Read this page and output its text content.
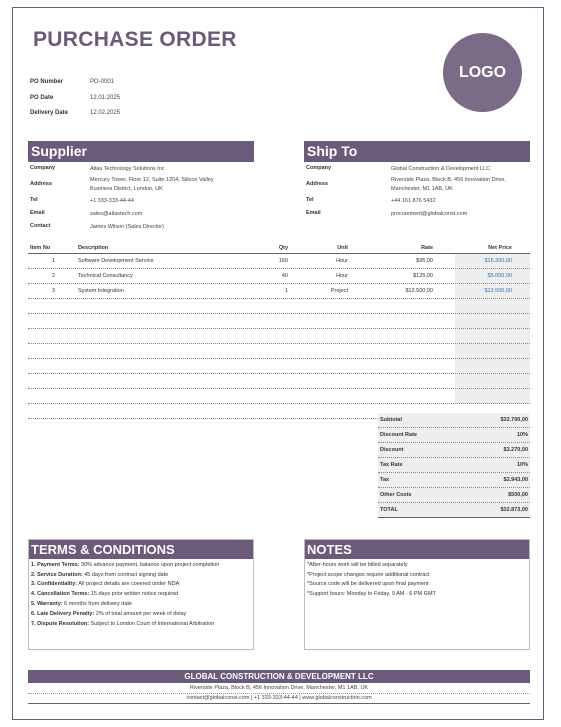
PURCHASE ORDER
LOGO
PO Number	PO-0001
PO Date	12.01.2025
Delivery Date	12.02.2025
Supplier
Company	Atlas Technology Solutions Inc
Address
Mercury Tower, Floor 12, Suite 1204, Silicon Valley
Business District, London, UK
Tel	+1 333-333-44-44
Email	sales@atlastech.com
Contact	James Wilson (Sales Director)
Ship To
Company	Global Construction & Development LLC
Address
Riverside Plaza, Block B, 456 Innovation Drive,
Manchester, M1 1AB, UK
Tel	+44 161 876 5432
Email	procurement@globalconst.com
Item No	Description	Qty	Unit	Rate	Net Price
1	Software Development Service	160	Hour	$95,00	$15.200,00
2	Technical Consultancy	40	Hour	$125,00	$5.000,00
3	System Integration	1	Project	$12.500,00	$12.500,00
Subtotal	$32.700,00
Discount Rate	10%
Discount	$3.270,00
Tax Rate	10%
Tax	$2.943,00
Other Costs	$500,00
TOTAL	$32.873,00
TERMS & CONDITIONS
1. Payment Terms: 30% advance payment, balance upon project completion
2. Service Duration: 45 days from contract signing date
3. Confidentiality: All project details are covered under NDA
4. Cancellation Terms: 15 days prior written notice required
5. Warranty: 6 months from delivery date
6. Late Delivery Penalty: 2% of total amount per week of delay
7. Dispute Resolution: Subject to London Court of International Arbitration
NOTES
*After-hours work will be billed separately
*Project scope changes require additional contract
*Source code will be delivered upon final payment
*Support hours: Monday to Friday, 9 AM - 6 PM GMT
GLOBAL CONSTRUCTION & DEVELOPMENT LLC
Riverside Plaza, Block B, 456 Innovation Drive, Manchester, M1 1AB, UK
contact@globalconst.com | +1 333-333-44-44 | www.globalconstruction.com
